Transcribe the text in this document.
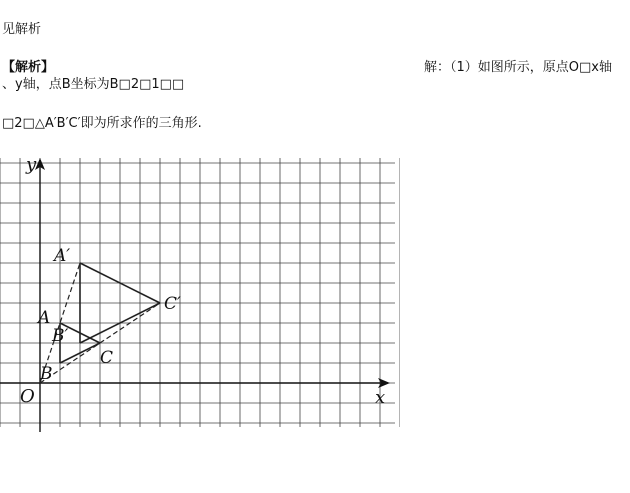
见解析
【解析】	解：（1）如图所示，原点O□x轴
、y轴，点B坐标为B□2□1□□
□2□△A′B′C′即为所求作的三角形.
x
y
O
A
B
C
A′
B′
C′
